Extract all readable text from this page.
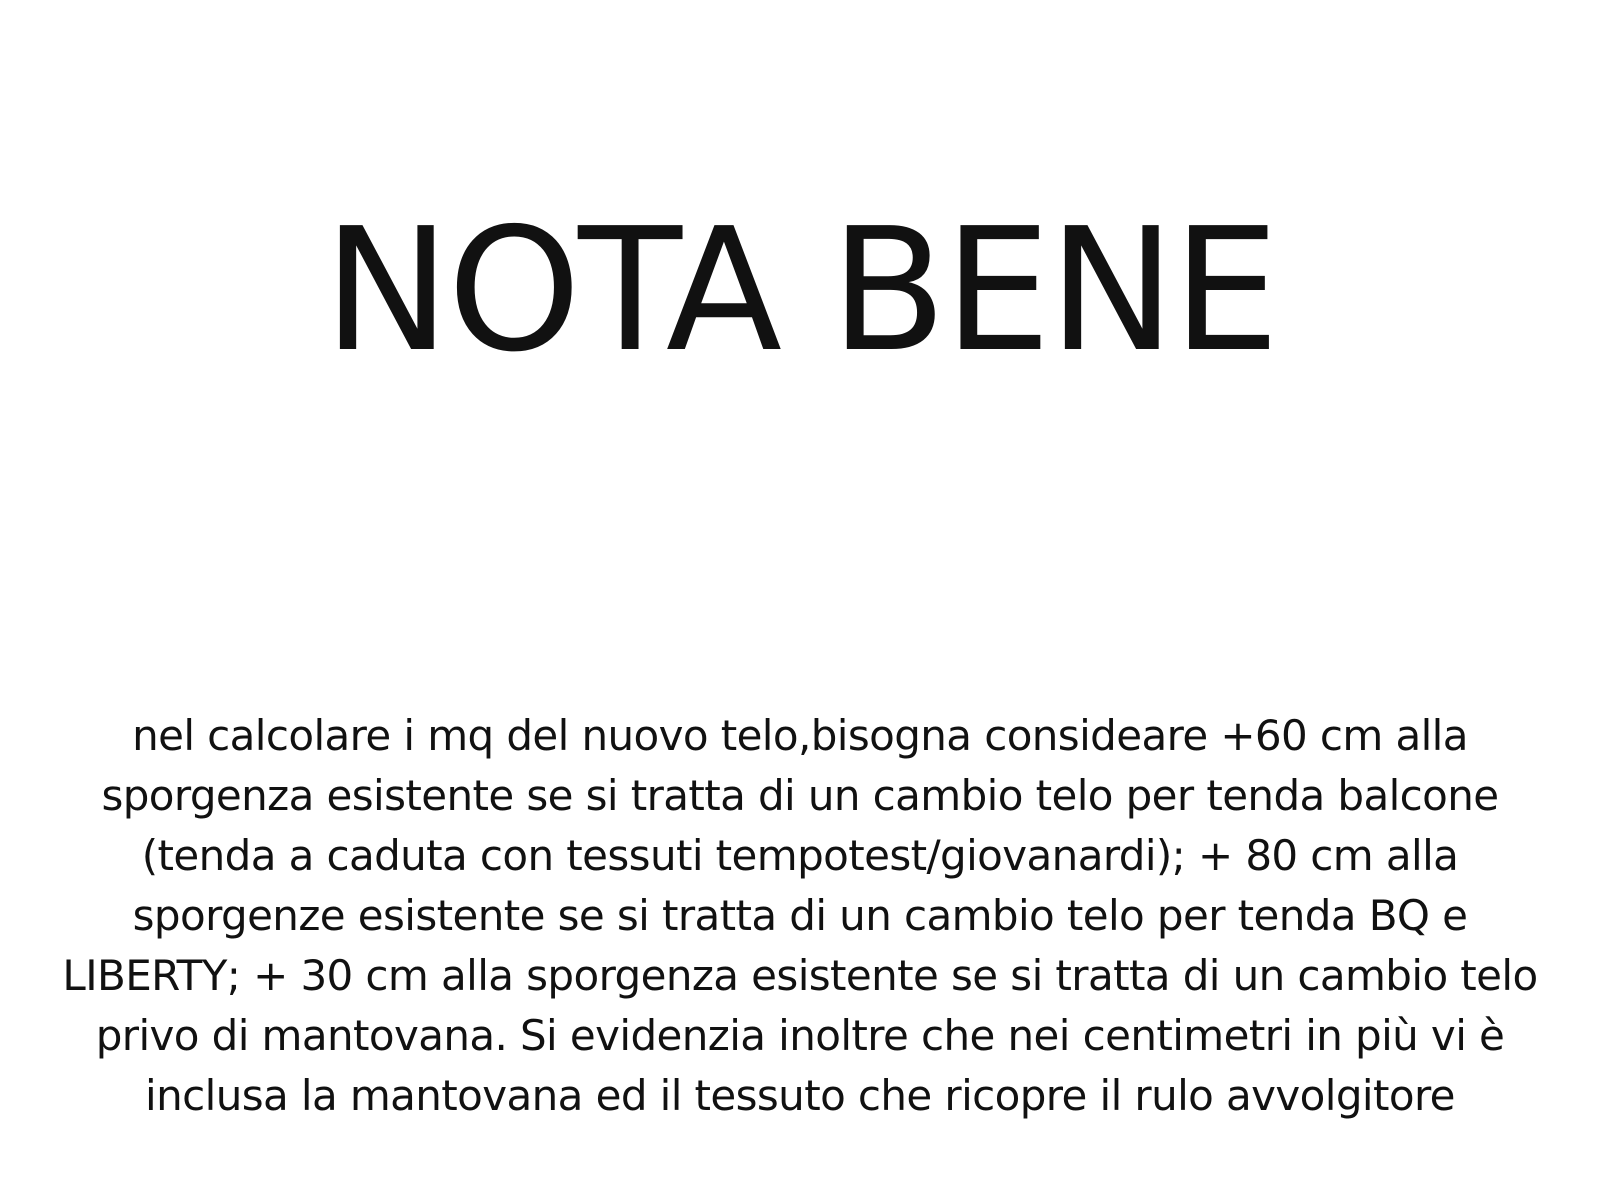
NOTA BENE

nel calcolare i mq del nuovo telo,bisogna consideare +60 cm alla
sporgenza esistente se si tratta di un cambio telo per tenda balcone
(tenda a caduta con tessuti tempotest/giovanardi); + 80 cm alla
sporgenze esistente se si tratta di un cambio telo per tenda BQ e
LIBERTY; + 30 cm alla sporgenza esistente se si tratta di un cambio telo
privo di mantovana. Si evidenzia inoltre che nei centimetri in più vi è
inclusa la mantovana ed il tessuto che ricopre il rulo avvolgitore
